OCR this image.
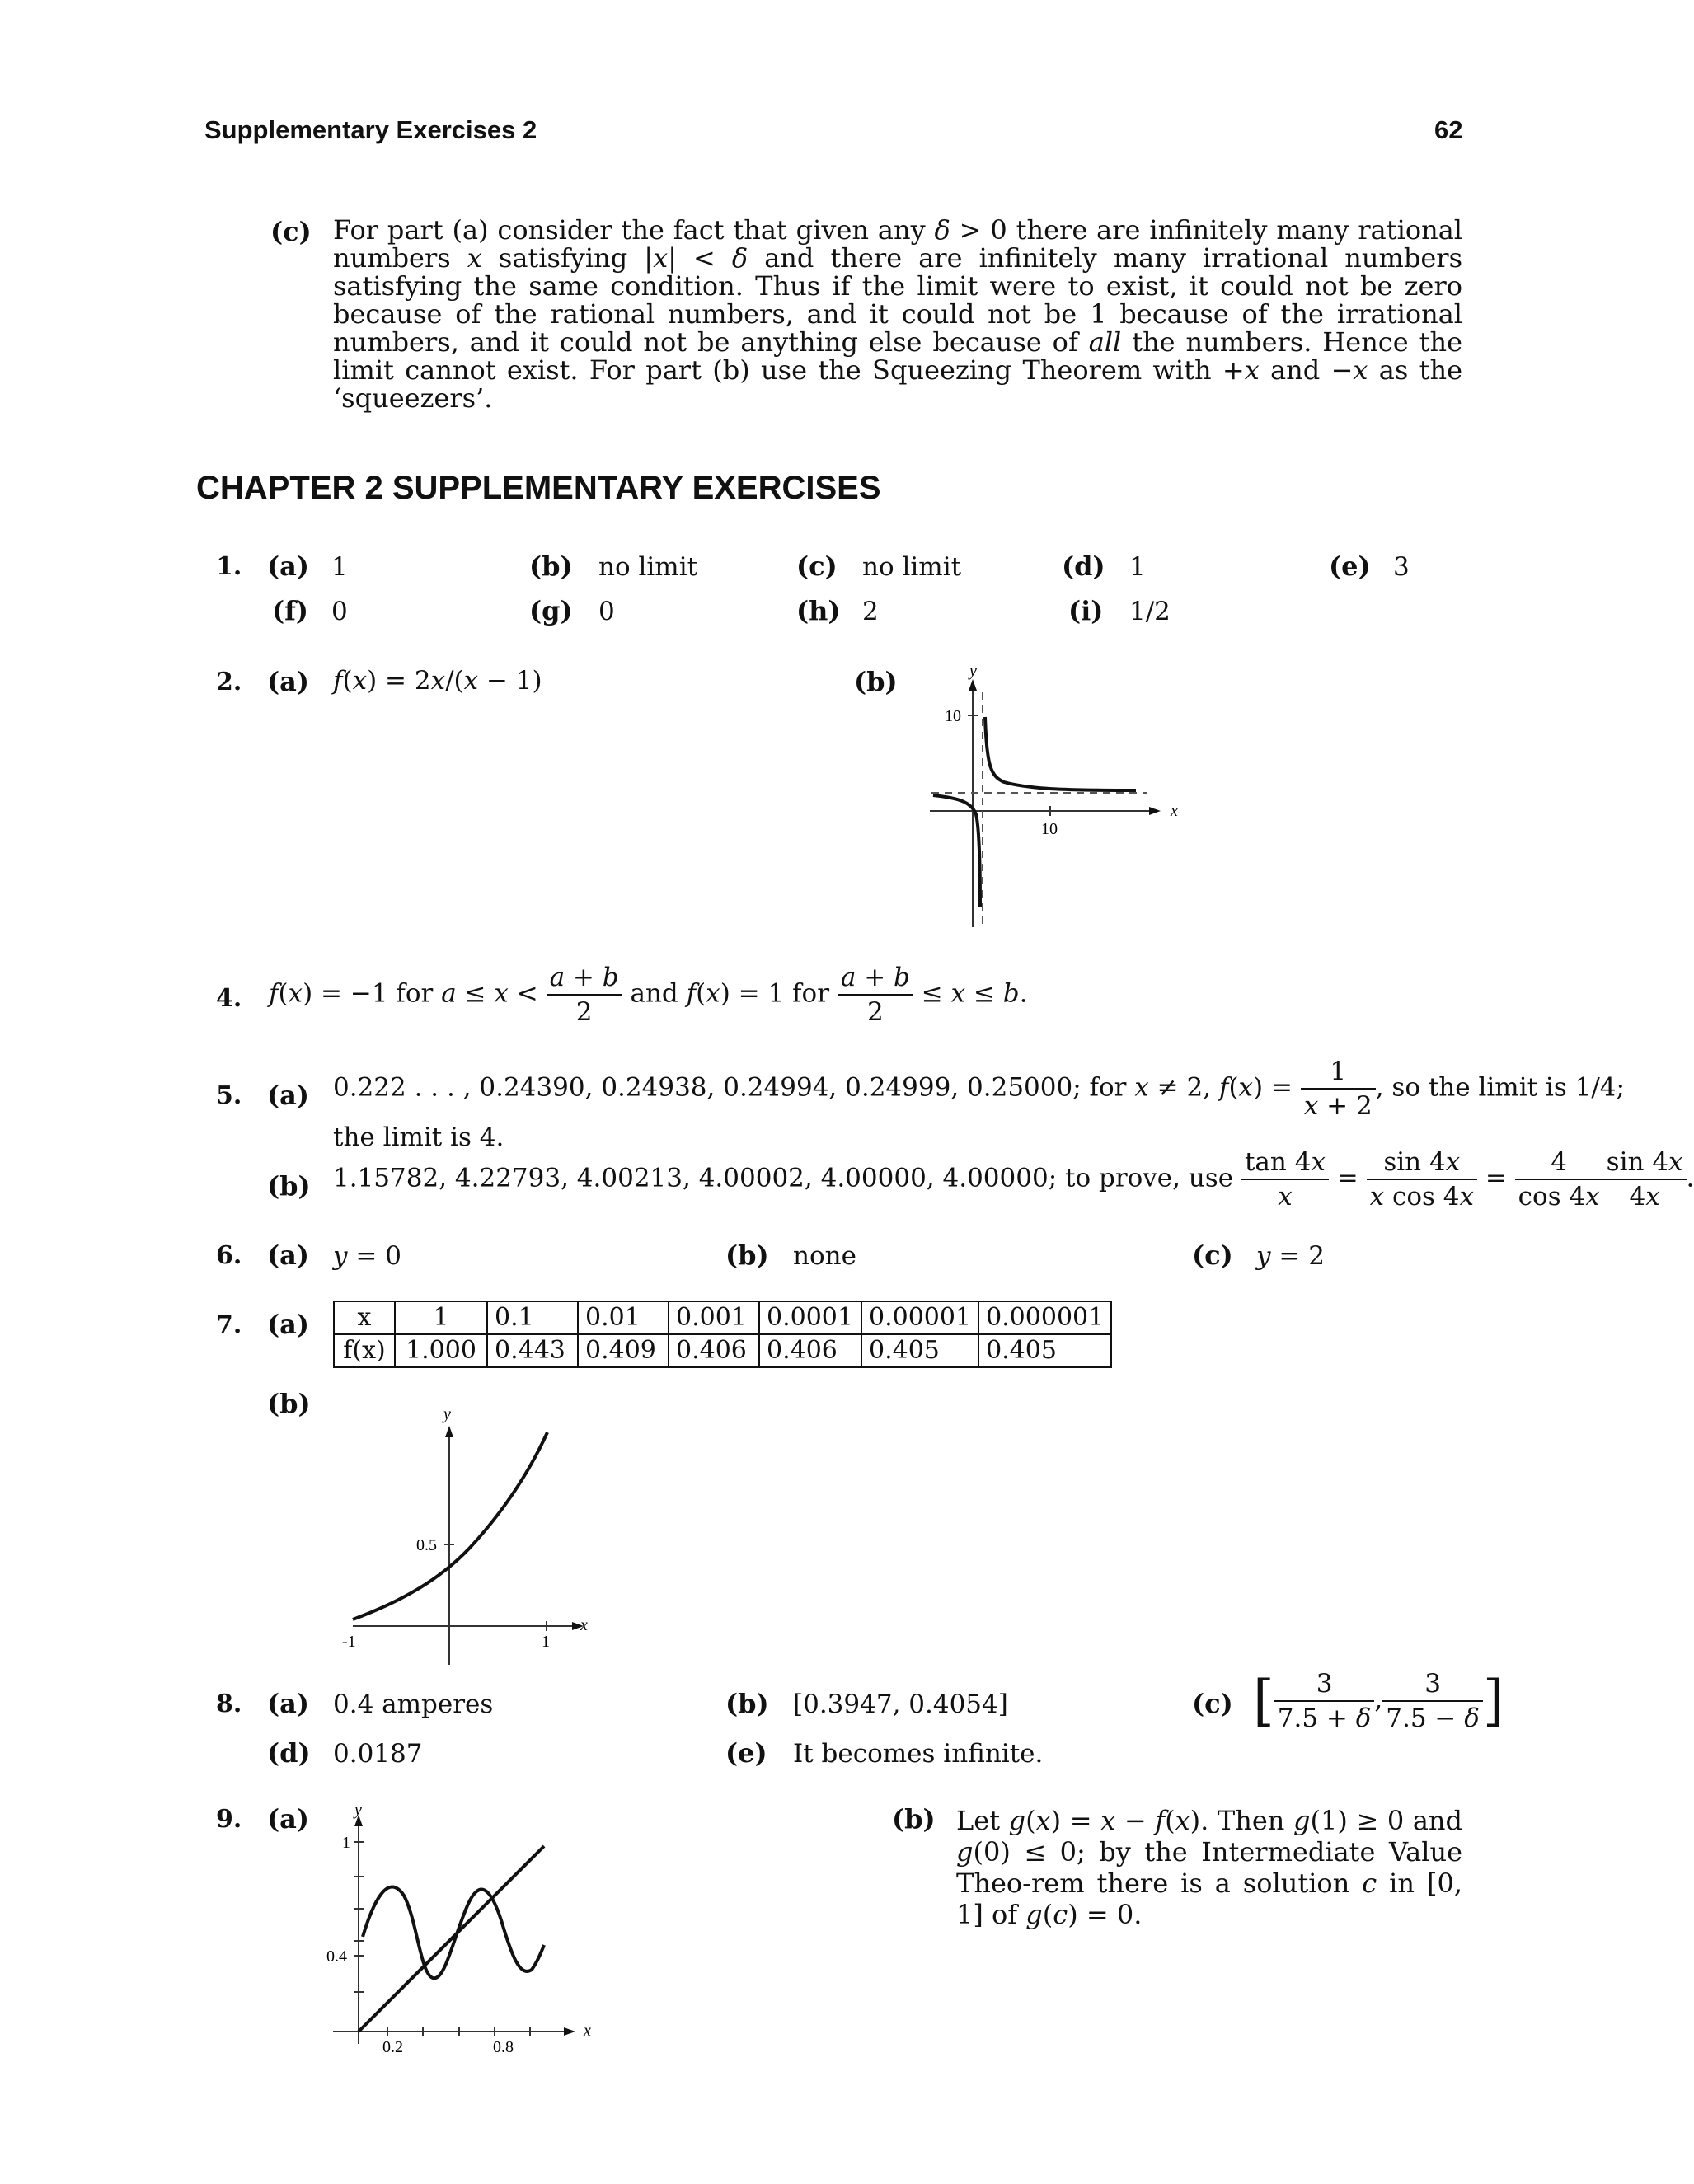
Supplementary Exercises 2	62
(c) For part (a) consider the fact that given any δ > 0 there are infinitely many rational numbers x satisfying |x| < δ and there are infinitely many irrational numbers satisfying the same condition. Thus if the limit were to exist, it could not be zero because of the rational numbers, and it could not be 1 because of the irrational numbers, and it could not be anything else because of all the numbers. Hence the limit cannot exist. For part (b) use the Squeezing Theorem with +x and −x as the ‘squeezers’.
CHAPTER 2 SUPPLEMENTARY EXERCISES
1. (a) 1	(b) no limit	(c) no limit	(d) 1	(e) 3
(f) 0	(g) 0	(h) 2	(i) 1/2
2. (a) f(x) = 2x/(x − 1)	(b)	y
x
10
10
4. f(x) = −1 for $a \le x < \frac{a + b}{2}$ and f(x) = 1 for $\frac{a + b}{2} \le x \le b$.
5. (a) 0.222 . . . , 0.24390, 0.24938, 0.24994, 0.24999, 0.25000; for x ≠ 2, $f(x) = \frac{1}{x + 2}$ , so the limit is 1/4;
the limit is 4.
(b) 1.15782, 4.22793, 4.00213, 4.00002, 4.00000, 4.00000; to prove, use $\frac{\tan 4x}{x} = \frac{\sin 4x}{\text{x cos 4x}} = \frac{4}{\cos 4x} \frac{\sin 4x}{4x}$ .
6. (a) y = 0	(b) none	(c) y = 2
7. (a) x	1	0.1	0.01	0.001	0.0001	0.00001	0.000001
f(x)	1.000	0.443	0.409	0.406	0.406	0.405	0.405
(b)	y
x
0.5
-1	1
8. (a) 0.4 amperes	(b) [0.3947, 0.4054]	(c) [ $\frac{3}{7.5 + \delta}$ , $\frac{3}{7.5 - \delta}$ ]
(d) 0.0187	(e) It becomes infinite.
9. (a)	y
x
1
0.4
0.2	0.8
(b) Let g(x) = x − f(x). Then g(1) ≥ 0 and g(0) ≤ 0; by the Intermediate Value Theo-rem there is a solution c in [0, 1] of g(c) = 0.
